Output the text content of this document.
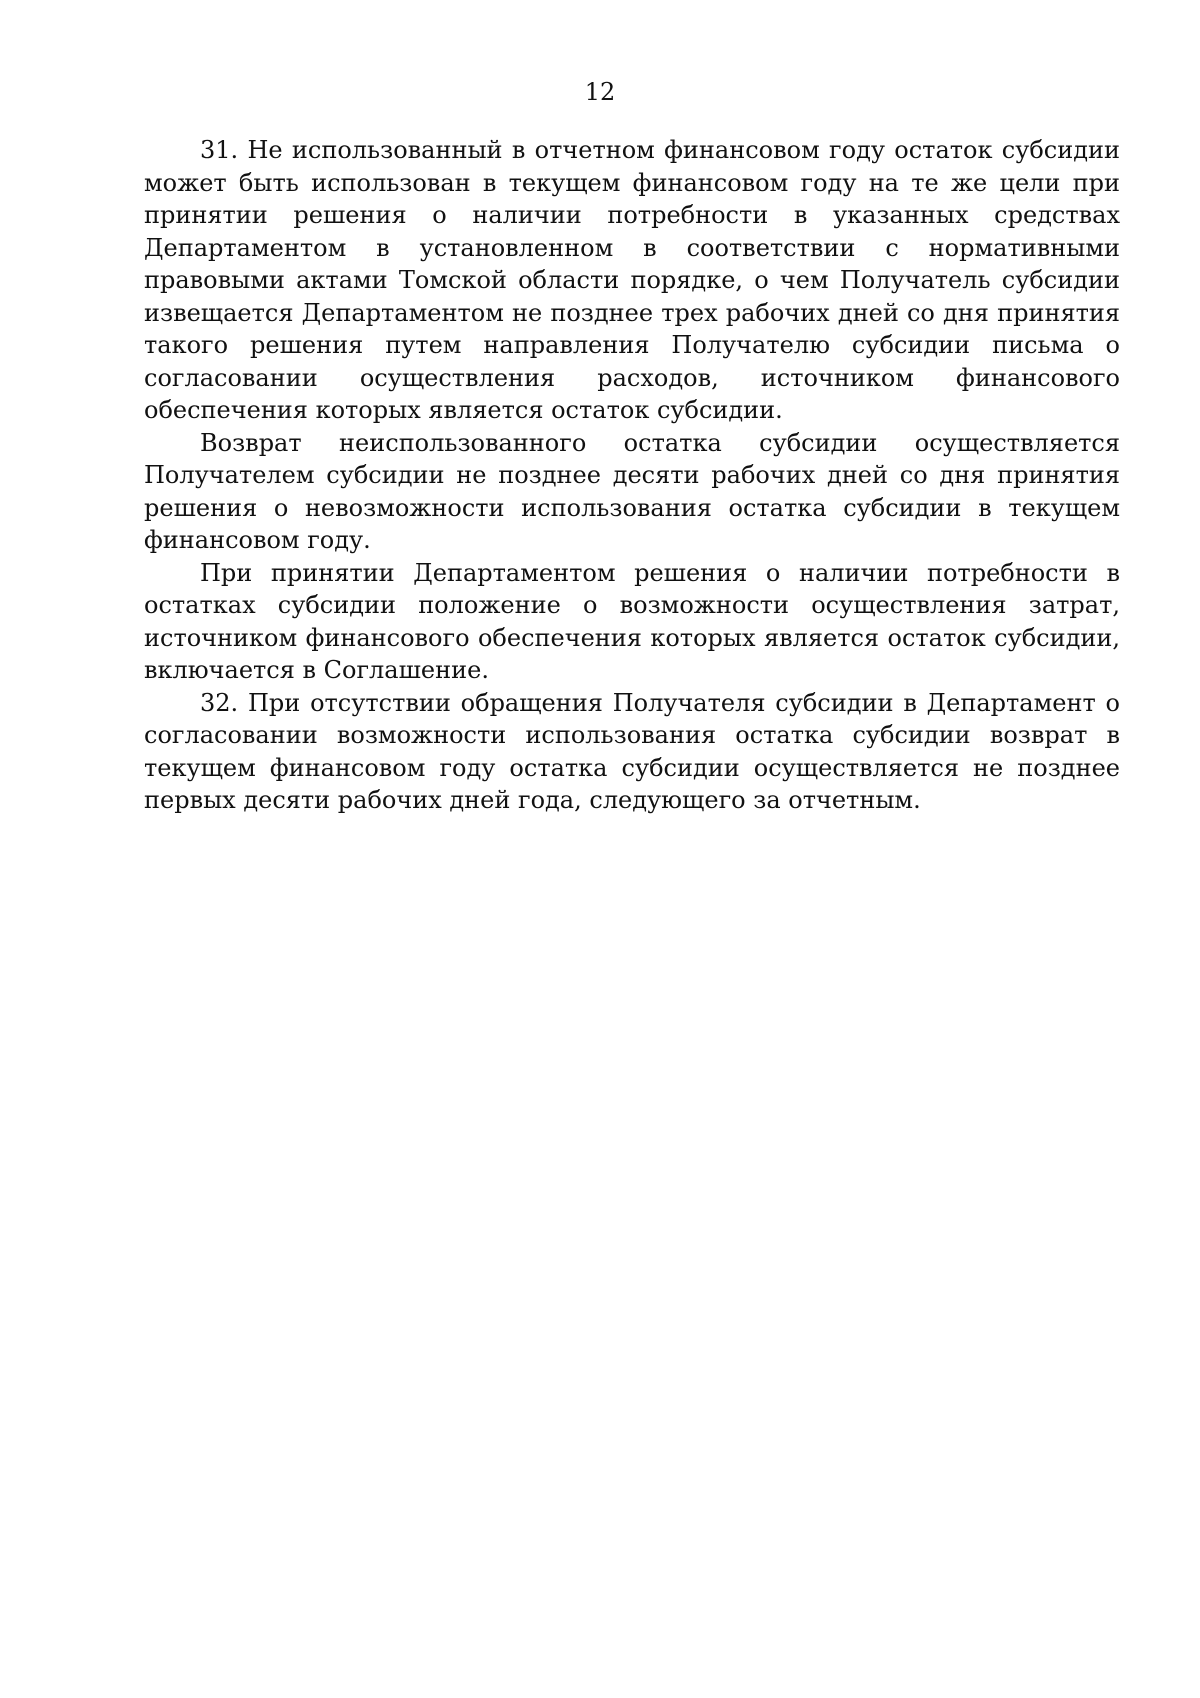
12

31. Не использованный в отчетном финансовом году остаток субсидии может быть использован в текущем финансовом году на те же цели при принятии решения о наличии потребности в указанных средствах Департаментом в установленном в соответствии с нормативными правовыми актами Томской области порядке, о чем Получатель субсидии извещается Департаментом не позднее трех рабочих дней со дня принятия такого решения путем направления Получателю субсидии письма о согласовании осуществления расходов, источником финансового обеспечения которых является остаток субсидии.

Возврат неиспользованного остатка субсидии осуществляется Получателем субсидии не позднее десяти рабочих дней со дня принятия решения о невозможности использования остатка субсидии в текущем финансовом году.

При принятии Департаментом решения о наличии потребности в остатках субсидии положение о возможности осуществления затрат, источником финансового обеспечения которых является остаток субсидии, включается в Соглашение.

32. При отсутствии обращения Получателя субсидии в Департамент о согласовании возможности использования остатка субсидии возврат в текущем финансовом году остатка субсидии осуществляется не позднее первых десяти рабочих дней года, следующего за отчетным.
